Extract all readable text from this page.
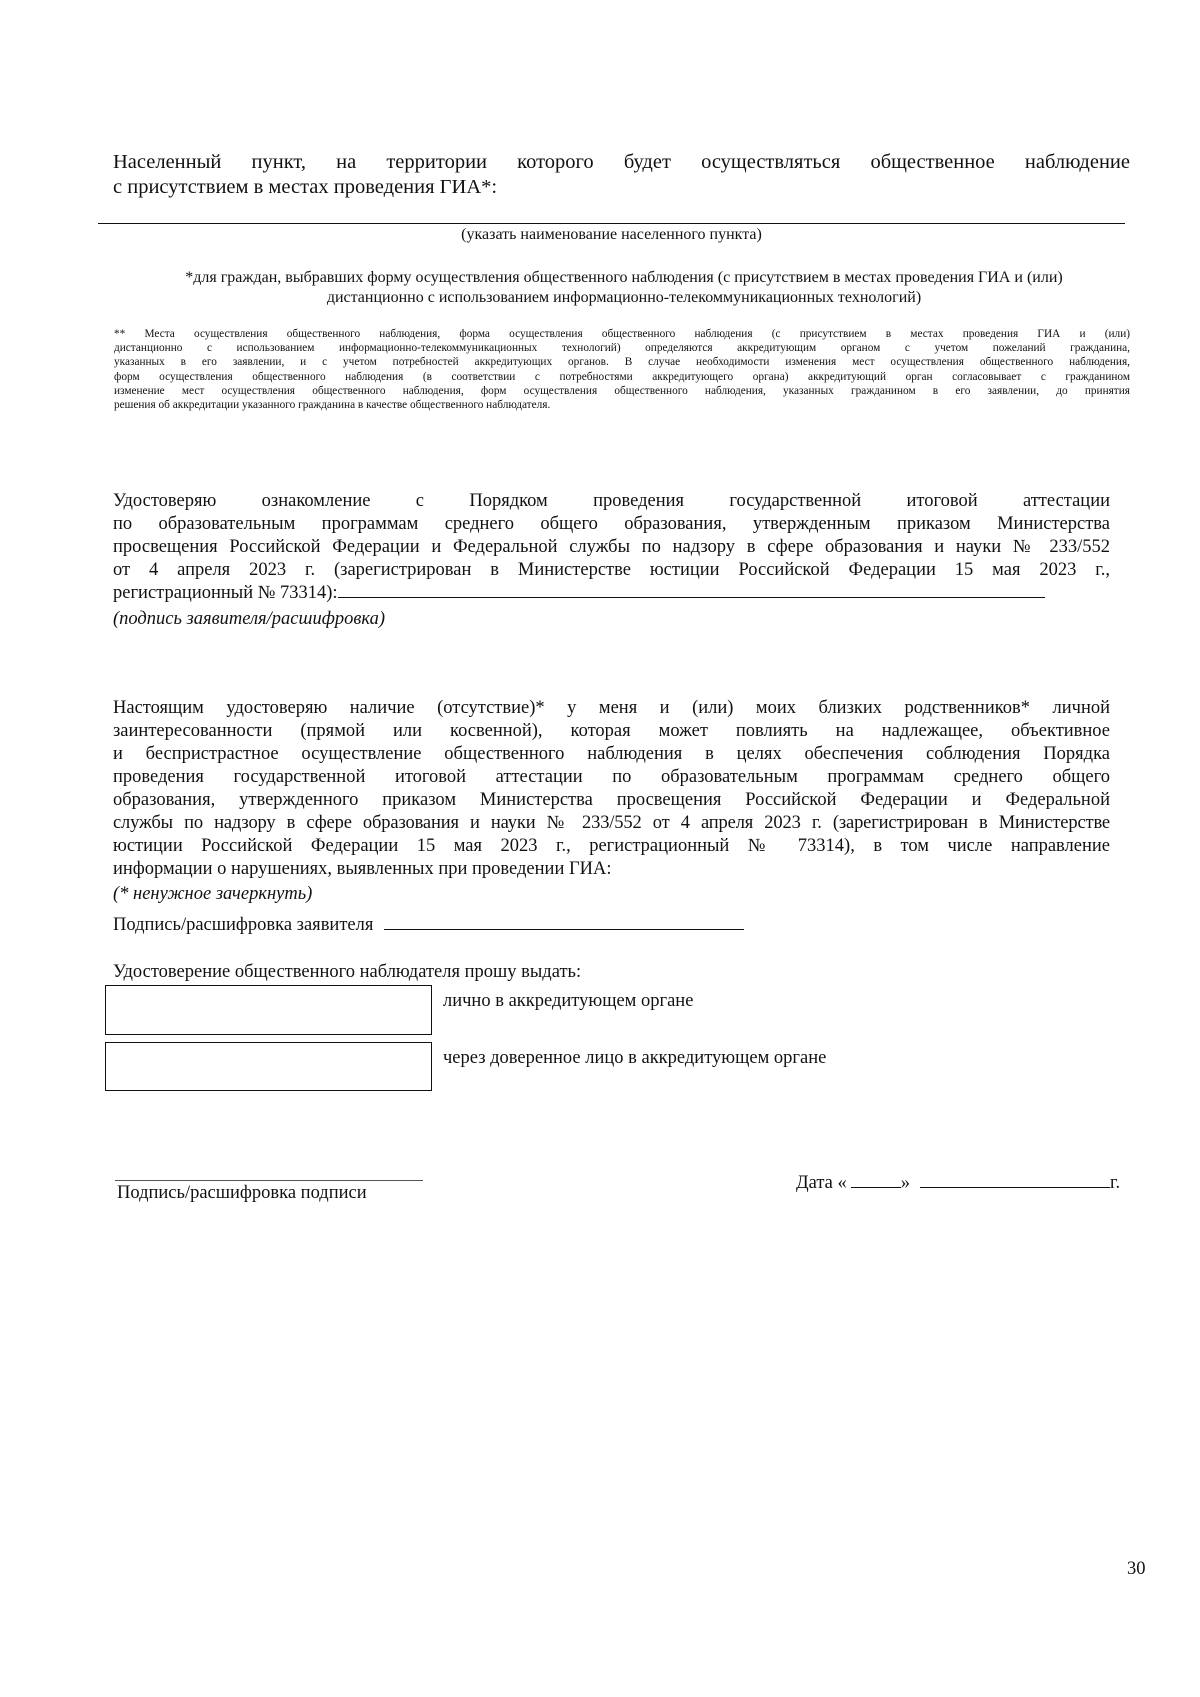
Населенный пункт, на территории которого будет осуществляться общественное наблюдение
с присутствием в местах проведения ГИА*:
(указать наименование населенного пункта)
*для граждан, выбравших форму осуществления общественного наблюдения (с присутствием в местах проведения ГИА и (или)
дистанционно с использованием информационно-телекоммуникационных технологий)
** Места осуществления общественного наблюдения, форма осуществления общественного наблюдения (с присутствием в местах проведения ГИА и (или)
дистанционно с использованием информационно-телекоммуникационных технологий) определяются аккредитующим органом с учетом пожеланий гражданина,
указанных в его заявлении, и с учетом потребностей аккредитующих органов. В случае необходимости изменения мест осуществления общественного наблюдения,
форм осуществления общественного наблюдения (в соответствии с потребностями аккредитующего органа) аккредитующий орган согласовывает с гражданином
изменение мест осуществления общественного наблюдения, форм осуществления общественного наблюдения, указанных гражданином в его заявлении, до принятия
решения об аккредитации указанного гражданина в качестве общественного наблюдателя.
Удостоверяю ознакомление с Порядком проведения государственной итоговой аттестации
по образовательным программам среднего общего образования, утвержденным приказом Министерства
просвещения Российской Федерации и Федеральной службы по надзору в сфере образования и науки № 233/552
от 4 апреля 2023 г. (зарегистрирован в Министерстве юстиции Российской Федерации 15 мая 2023 г.,
регистрационный № 73314):
(подпись заявителя/расшифровка)
Настоящим удостоверяю наличие (отсутствие)* у меня и (или) моих близких родственников* личной
заинтересованности (прямой или косвенной), которая может повлиять на надлежащее, объективное
и беспристрастное осуществление общественного наблюдения в целях обеспечения соблюдения Порядка
проведения государственной итоговой аттестации по образовательным программам среднего общего
образования, утвержденного приказом Министерства просвещения Российской Федерации и Федеральной
службы по надзору в сфере образования и науки № 233/552 от 4 апреля 2023 г. (зарегистрирован в Министерстве
юстиции Российской Федерации 15 мая 2023 г., регистрационный № 73314), в том числе направление
информации о нарушениях, выявленных при проведении ГИА:
(* ненужное зачеркнуть)
Подпись/расшифровка заявителя
Удостоверение общественного наблюдателя прошу выдать:
лично в аккредитующем органе
через доверенное лицо в аккредитующем органе
Подпись/расшифровка подписи	Дата «	»	г.
30
